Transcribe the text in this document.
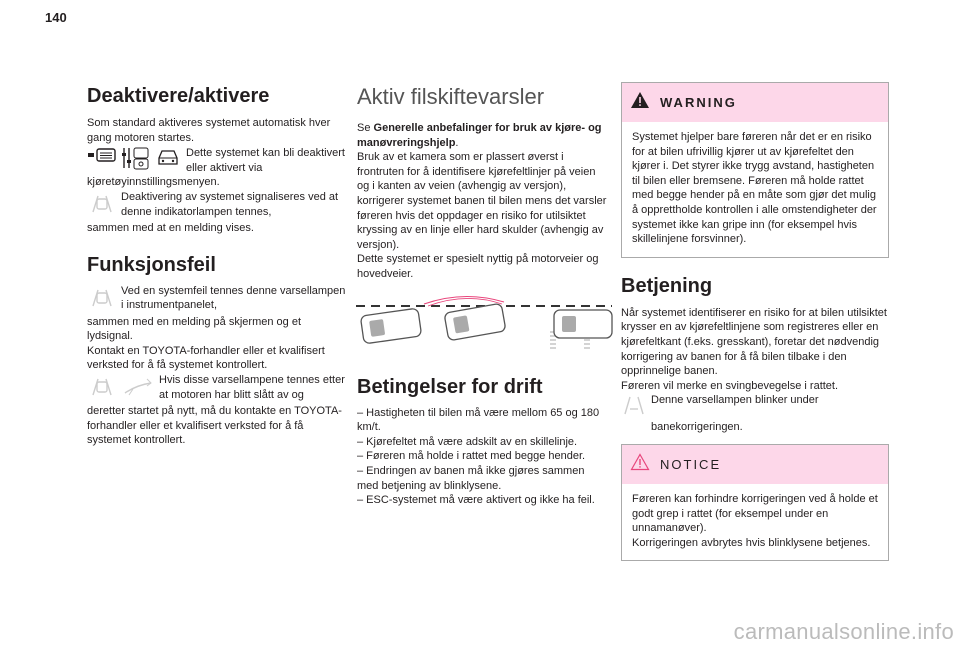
140
Deaktivere/aktivere

Som standard aktiveres systemet automatisk hver gang motoren startes.

Dette systemet kan bli deaktivert eller aktivert via

kjøretøyinnstillingsmenyen.

Deaktivering av systemet signaliseres ved at denne indikatorlampen tennes,

sammen med at en melding vises.

Funksjonsfeil

Ved en systemfeil tennes denne varsellampen i instrumentpanelet,

sammen med en melding på skjermen og et lydsignal.

Kontakt en TOYOTA-forhandler eller et kvalifisert verksted for å få systemet kontrollert.

Hvis disse varsellampene tennes etter at motoren har blitt slått av og

deretter startet på nytt, må du kontakte en TOYOTA-forhandler eller et kvalifisert verksted for å få systemet kontrollert.

Aktiv filskiftevarsler

Se Generelle anbefalinger for bruk av kjøre- og manøvreringshjelp.

Bruk av et kamera som er plassert øverst i frontruten for å identifisere kjørefeltlinjer på veien og i kanten av veien (avhengig av versjon), korrigerer systemet banen til bilen mens det varsler føreren hvis det oppdager en risiko for utilsiktet kryssing av en linje eller hard skulder (avhengig av versjon).

Dette systemet er spesielt nyttig på motorveier og hovedveier.

Betingelser for drift

– Hastigheten til bilen må være mellom 65 og 180 km/t.

– Kjørefeltet må være adskilt av en skillelinje.

– Føreren må holde i rattet med begge hender.

– Endringen av banen må ikke gjøres sammen med betjening av blinklysene.

– ESC-systemet må være aktivert og ikke ha feil.

WARNING
Systemet hjelper bare føreren når det er en risiko for at bilen ufrivillig kjører ut av kjørefeltet den kjører i. Det styrer ikke trygg avstand, hastigheten til bilen eller bremsene. Føreren må holde rattet med begge hender på en måte som gjør det mulig å opprettholde kontrollen i alle omstendigheter der systemet ikke kan gripe inn (for eksempel hvis skillelinjene forsvinner).
Betjening

Når systemet identifiserer en risiko for at bilen utilsiktet krysser en av kjørefeltlinjene som registreres eller en kjørefeltkant (f.eks. gresskant), foretar det nødvendig korrigering av banen for å få bilen tilbake i den opprinnelige banen.

Føreren vil merke en svingbevegelse i rattet.

Denne varsellampen blinker under

banekorrigeringen.

NOTICE

Føreren kan forhindre korrigeringen ved å holde et godt grep i rattet (for eksempel under en unnamanøver).

Korrigeringen avbrytes hvis blinklysene betjenes.

carmanualsonline.info
